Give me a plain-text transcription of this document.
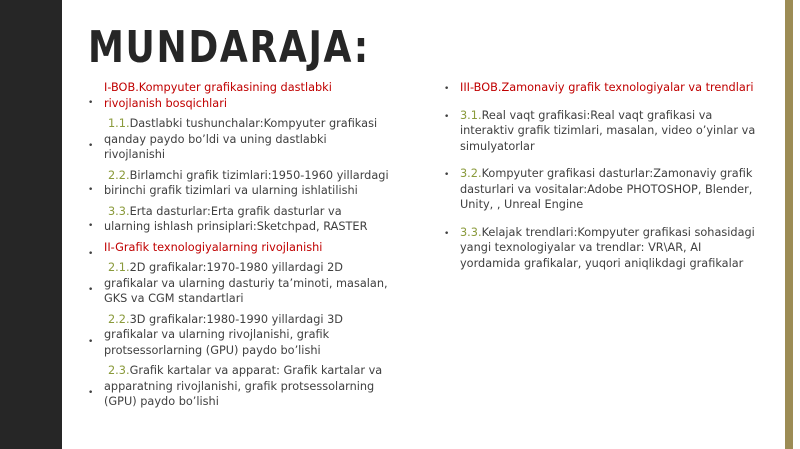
MUNDARAJA:
•
I-BOB.Kompyuter grafikasining dastlabki rivojlanish bosqichlari
•
1.1.Dastlabki tushunchalar:Kompyuter grafikasi qanday paydo bo’ldi va uning dastlabki rivojlanishi
•
2.2.Birlamchi grafik tizimlari:1950-1960 yillardagi birinchi grafik tizimlari va ularning ishlatilishi
•
3.3.Erta dasturlar:Erta grafik dasturlar va ularning ishlash prinsiplari:Sketchpad, RASTER
•
II-Grafik texnologiyalarning rivojlanishi
•
2.1.2D grafikalar:1970-1980 yillardagi 2D grafikalar va ularning dasturiy ta’minoti, masalan, GKS va CGM standartlari
•
2.2.3D grafikalar:1980-1990 yillardagi 3D grafikalar va ularning rivojlanishi, grafik protsessorlarning (GPU) paydo bo’lishi
•
2.3.Grafik kartalar va apparat: Grafik kartalar va apparatning rivojlanishi, grafik protsessolarning (GPU) paydo bo’lishi
• III-BOB.Zamonaviy grafik texnologiyalar va trendlari
• 3.1.Real vaqt grafikasi:Real vaqt grafikasi va interaktiv grafik tizimlari, masalan, video o’yinlar va simulyatorlar
• 3.2.Kompyuter grafikasi dasturlar:Zamonaviy grafik dasturlari va vositalar:Adobe PHOTOSHOP, Blender, Unity, , Unreal Engine
• 3.3.Kelajak trendlari:Kompyuter grafikasi sohasidagi yangi texnologiyalar va trendlar: VR\AR, AI yordamida grafikalar, yuqori aniqlikdagi grafikalar
